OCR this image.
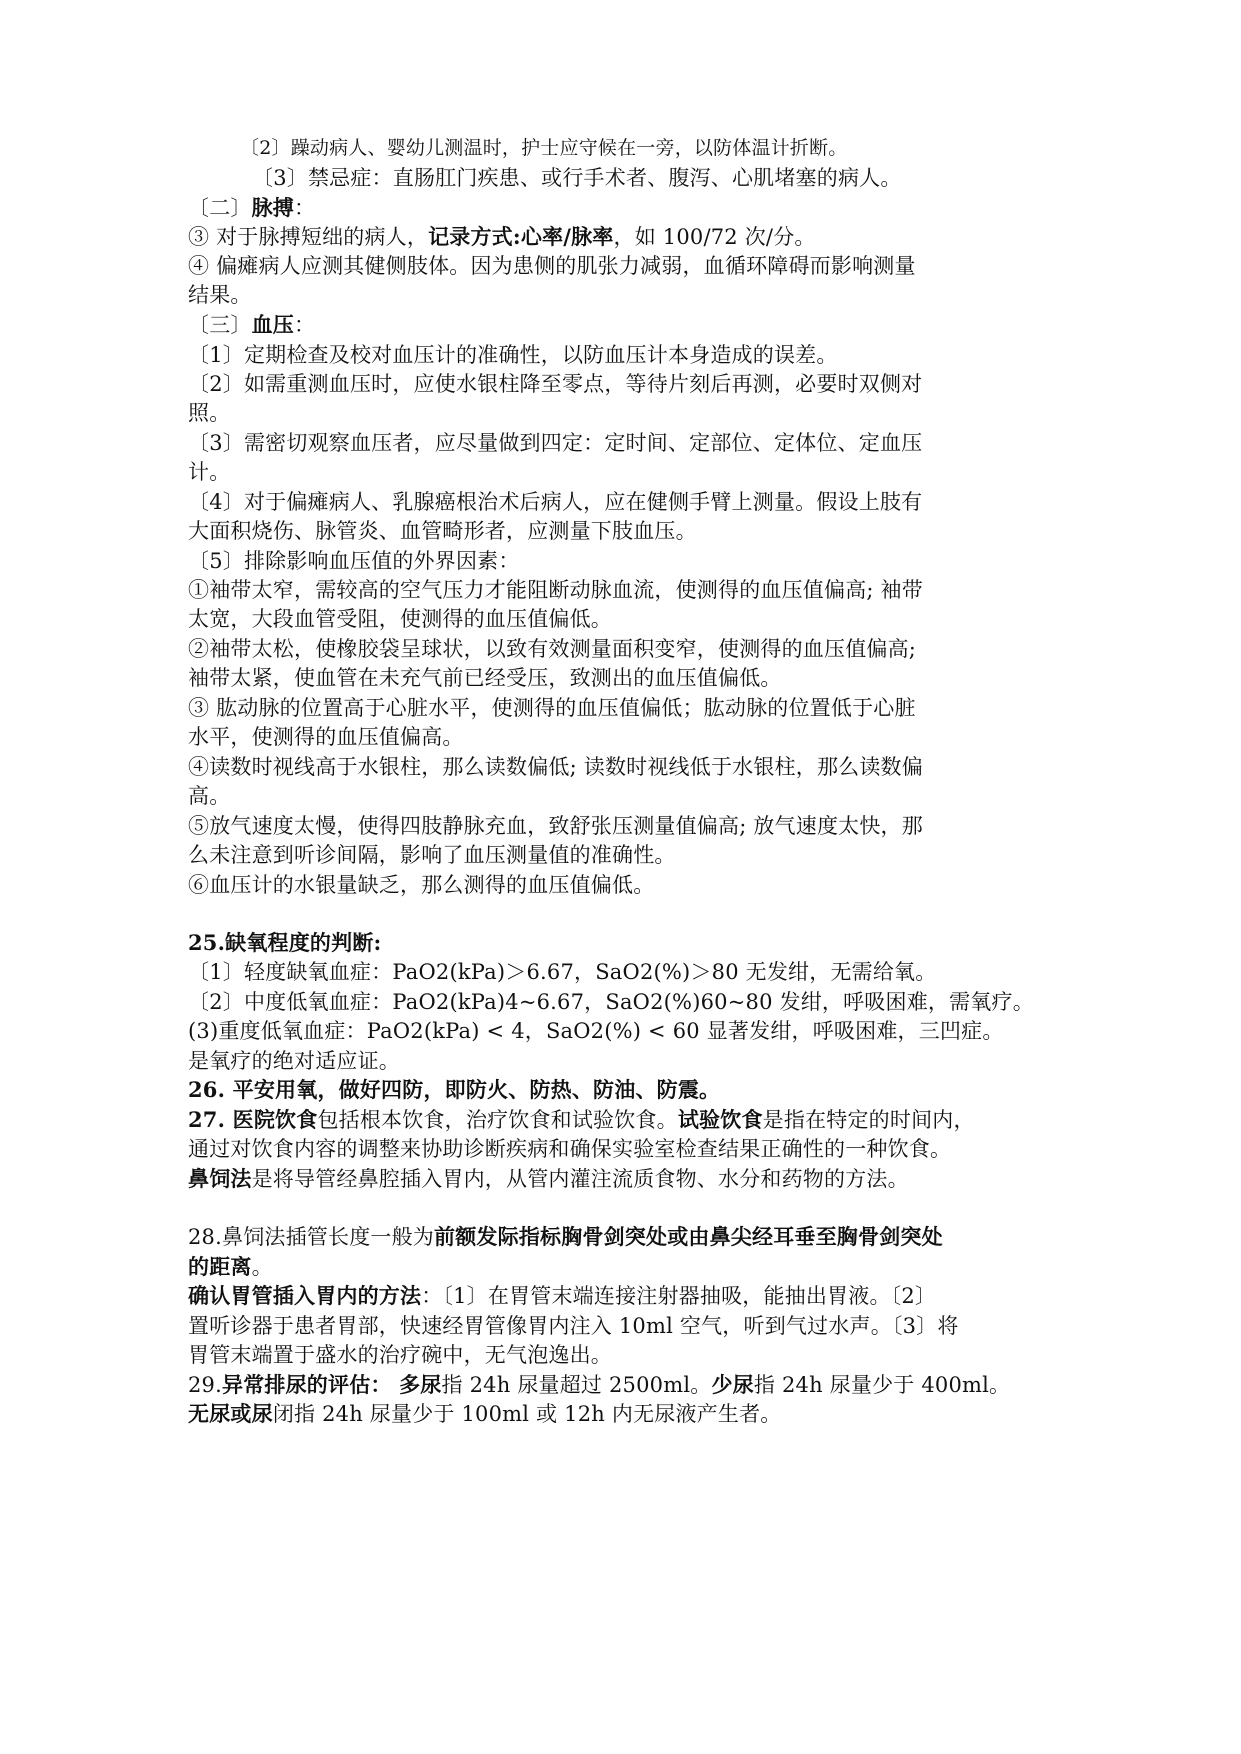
〔2〕躁动病人、婴幼儿测温时，护士应守候在一旁，以防体温计折断。
〔3〕禁忌症：直肠肛门疾患、或行手术者、腹泻、心肌堵塞的病人。
〔二〕脉搏：
③ 对于脉搏短绌的病人，记录方式:心率/脉率，如 100/72 次/分。
④ 偏瘫病人应测其健侧肢体。因为患侧的肌张力减弱，血循环障碍而影响测量
结果。
〔三〕血压：
〔1〕定期检查及校对血压计的准确性，以防血压计本身造成的误差。
〔2〕如需重测血压时，应使水银柱降至零点，等待片刻后再测，必要时双侧对
照。
〔3〕需密切观察血压者，应尽量做到四定：定时间、定部位、定体位、定血压
计。
〔4〕对于偏瘫病人、乳腺癌根治术后病人，应在健侧手臂上测量。假设上肢有
大面积烧伤、脉管炎、血管畸形者，应测量下肢血压。
〔5〕排除影响血压值的外界因素：
①袖带太窄，需较高的空气压力才能阻断动脉血流，使测得的血压值偏高; 袖带
太宽，大段血管受阻，使测得的血压值偏低。
②袖带太松，使橡胶袋呈球状，以致有效测量面积变窄，使测得的血压值偏高;
袖带太紧，使血管在未充气前已经受压，致测出的血压值偏低。
③ 肱动脉的位置高于心脏水平，使测得的血压值偏低；肱动脉的位置低于心脏
水平，使测得的血压值偏高。
④读数时视线高于水银柱，那么读数偏低; 读数时视线低于水银柱，那么读数偏
高。
⑤放气速度太慢，使得四肢静脉充血，致舒张压测量值偏高; 放气速度太快，那
么未注意到听诊间隔，影响了血压测量值的准确性。
⑥血压计的水银量缺乏，那么测得的血压值偏低。
25.缺氧程度的判断:
〔1〕轻度缺氧血症：PaO2(kPa)＞6.67，SaO2(%)＞80 无发绀，无需给氧。
〔2〕中度低氧血症：PaO2(kPa)4~6.67，SaO2(%)60~80 发绀，呼吸困难，需氧疗。
(3)重度低氧血症：PaO2(kPa) < 4，SaO2(%) < 60 显著发绀，呼吸困难，三凹症。
是氧疗的绝对适应证。
26. 平安用氧，做好四防，即防火、防热、防油、防震。
27. 医院饮食包括根本饮食，治疗饮食和试验饮食。试验饮食是指在特定的时间内，
通过对饮食内容的调整来协助诊断疾病和确保实验室检查结果正确性的一种饮食。
鼻饲法是将导管经鼻腔插入胃内，从管内灌注流质食物、水分和药物的方法。
28.鼻饲法插管长度一般为前额发际指标胸骨剑突处或由鼻尖经耳垂至胸骨剑突处
的距离。
确认胃管插入胃内的方法：〔1〕在胃管末端连接注射器抽吸，能抽出胃液。〔2〕
置听诊器于患者胃部，快速经胃管像胃内注入 10ml 空气，听到气过水声。〔3〕将
胃管末端置于盛水的治疗碗中，无气泡逸出。
29.异常排尿的评估： 多尿指 24h 尿量超过 2500ml。少尿指 24h 尿量少于 400ml。
无尿或尿闭指 24h 尿量少于 100ml 或 12h 内无尿液产生者。
